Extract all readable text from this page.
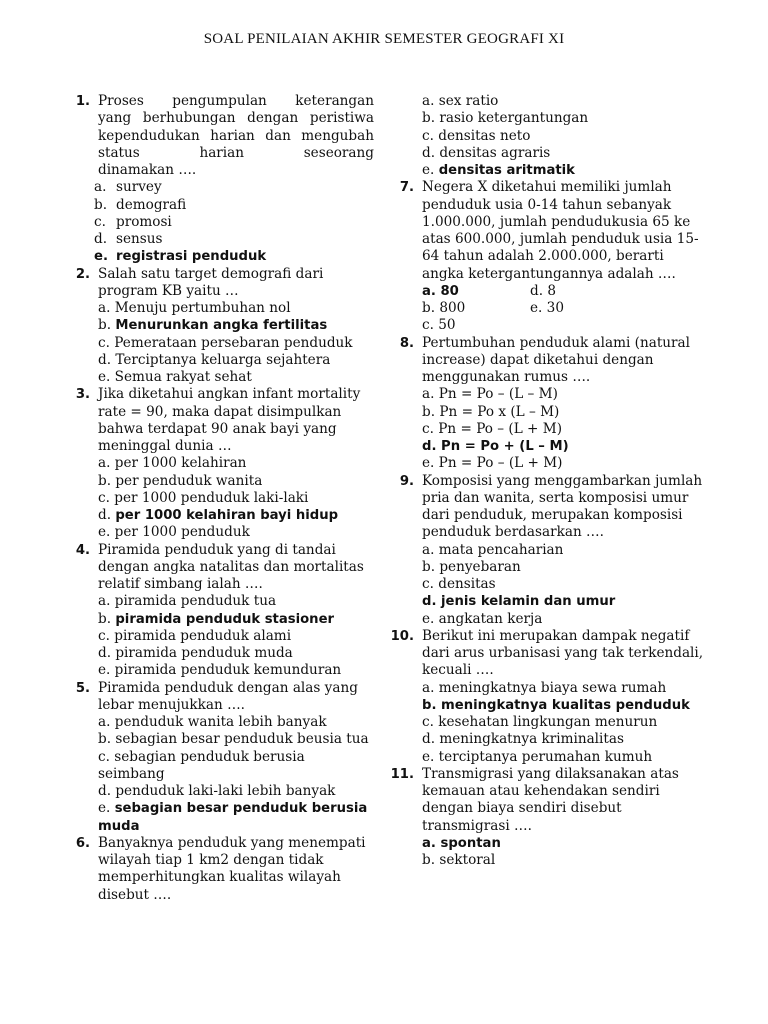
SOAL PENILAIAN AKHIR SEMESTER GEOGRAFI XI
1. Proses pengumpulan keterangan
yang berhubungan dengan peristiwa
kependudukan harian dan mengubah
status harian seseorang
dinamakan ….
a. survey
b. demografi
c. promosi
d. sensus
e. registrasi penduduk
2. Salah satu target demografi dari program KB yaitu …
a. Menuju pertumbuhan nol
b. Menurunkan angka fertilitas
c. Pemerataan persebaran penduduk
d. Terciptanya keluarga sejahtera
e. Semua rakyat sehat
3. Jika diketahui angkan infant mortality rate = 90, maka dapat disimpulkan bahwa terdapat 90 anak bayi yang meninggal dunia …
a. per 1000 kelahiran
b. per penduduk wanita
c. per 1000 penduduk laki-laki
d. per 1000 kelahiran bayi hidup
e. per 1000 penduduk
4. Piramida penduduk yang di tandai dengan angka natalitas dan mortalitas relatif simbang ialah ….
a. piramida penduduk tua
b. piramida penduduk stasioner
c. piramida penduduk alami
d. piramida penduduk muda
e. piramida penduduk kemunduran
5. Piramida penduduk dengan alas yang lebar menujukkan ….
a. penduduk wanita lebih banyak
b. sebagian besar penduduk beusia tua
c. sebagian penduduk berusia seimbang
d. penduduk laki-laki lebih banyak
e. sebagian besar penduduk berusia muda
6. Banyaknya penduduk yang menempati wilayah tiap 1 km2 dengan tidak memperhitungkan kualitas wilayah disebut ….
a. sex ratio
b. rasio ketergantungan
c. densitas neto
d. densitas agraris
e. densitas aritmatik
7. Negera X diketahui memiliki jumlah penduduk usia 0-14 tahun sebanyak 1.000.000, jumlah pendudukusia 65 ke atas 600.000, jumlah penduduk usia 15-64 tahun adalah 2.000.000, berarti angka ketergantungannya adalah ….
a. 80	d. 8
b. 800	e. 30
c. 50
8. Pertumbuhan penduduk alami (natural increase) dapat diketahui dengan menggunakan rumus ….
a. Pn = Po – (L – M)
b. Pn = Po x (L – M)
c. Pn = Po – (L + M)
d. Pn = Po + (L – M)
e. Pn = Po – (L + M)
9. Komposisi yang menggambarkan jumlah pria dan wanita, serta komposisi umur dari penduduk, merupakan komposisi penduduk berdasarkan ….
a. mata pencaharian
b. penyebaran
c. densitas
d. jenis kelamin dan umur
e. angkatan kerja
10. Berikut ini merupakan dampak negatif dari arus urbanisasi yang tak terkendali, kecuali ….
a. meningkatnya biaya sewa rumah
b. meningkatnya kualitas penduduk
c. kesehatan lingkungan menurun
d. meningkatnya kriminalitas
e. terciptanya perumahan kumuh
11. Transmigrasi yang dilaksanakan atas kemauan atau kehendakan sendiri dengan biaya sendiri disebut transmigrasi ….
a. spontan
b. sektoral
